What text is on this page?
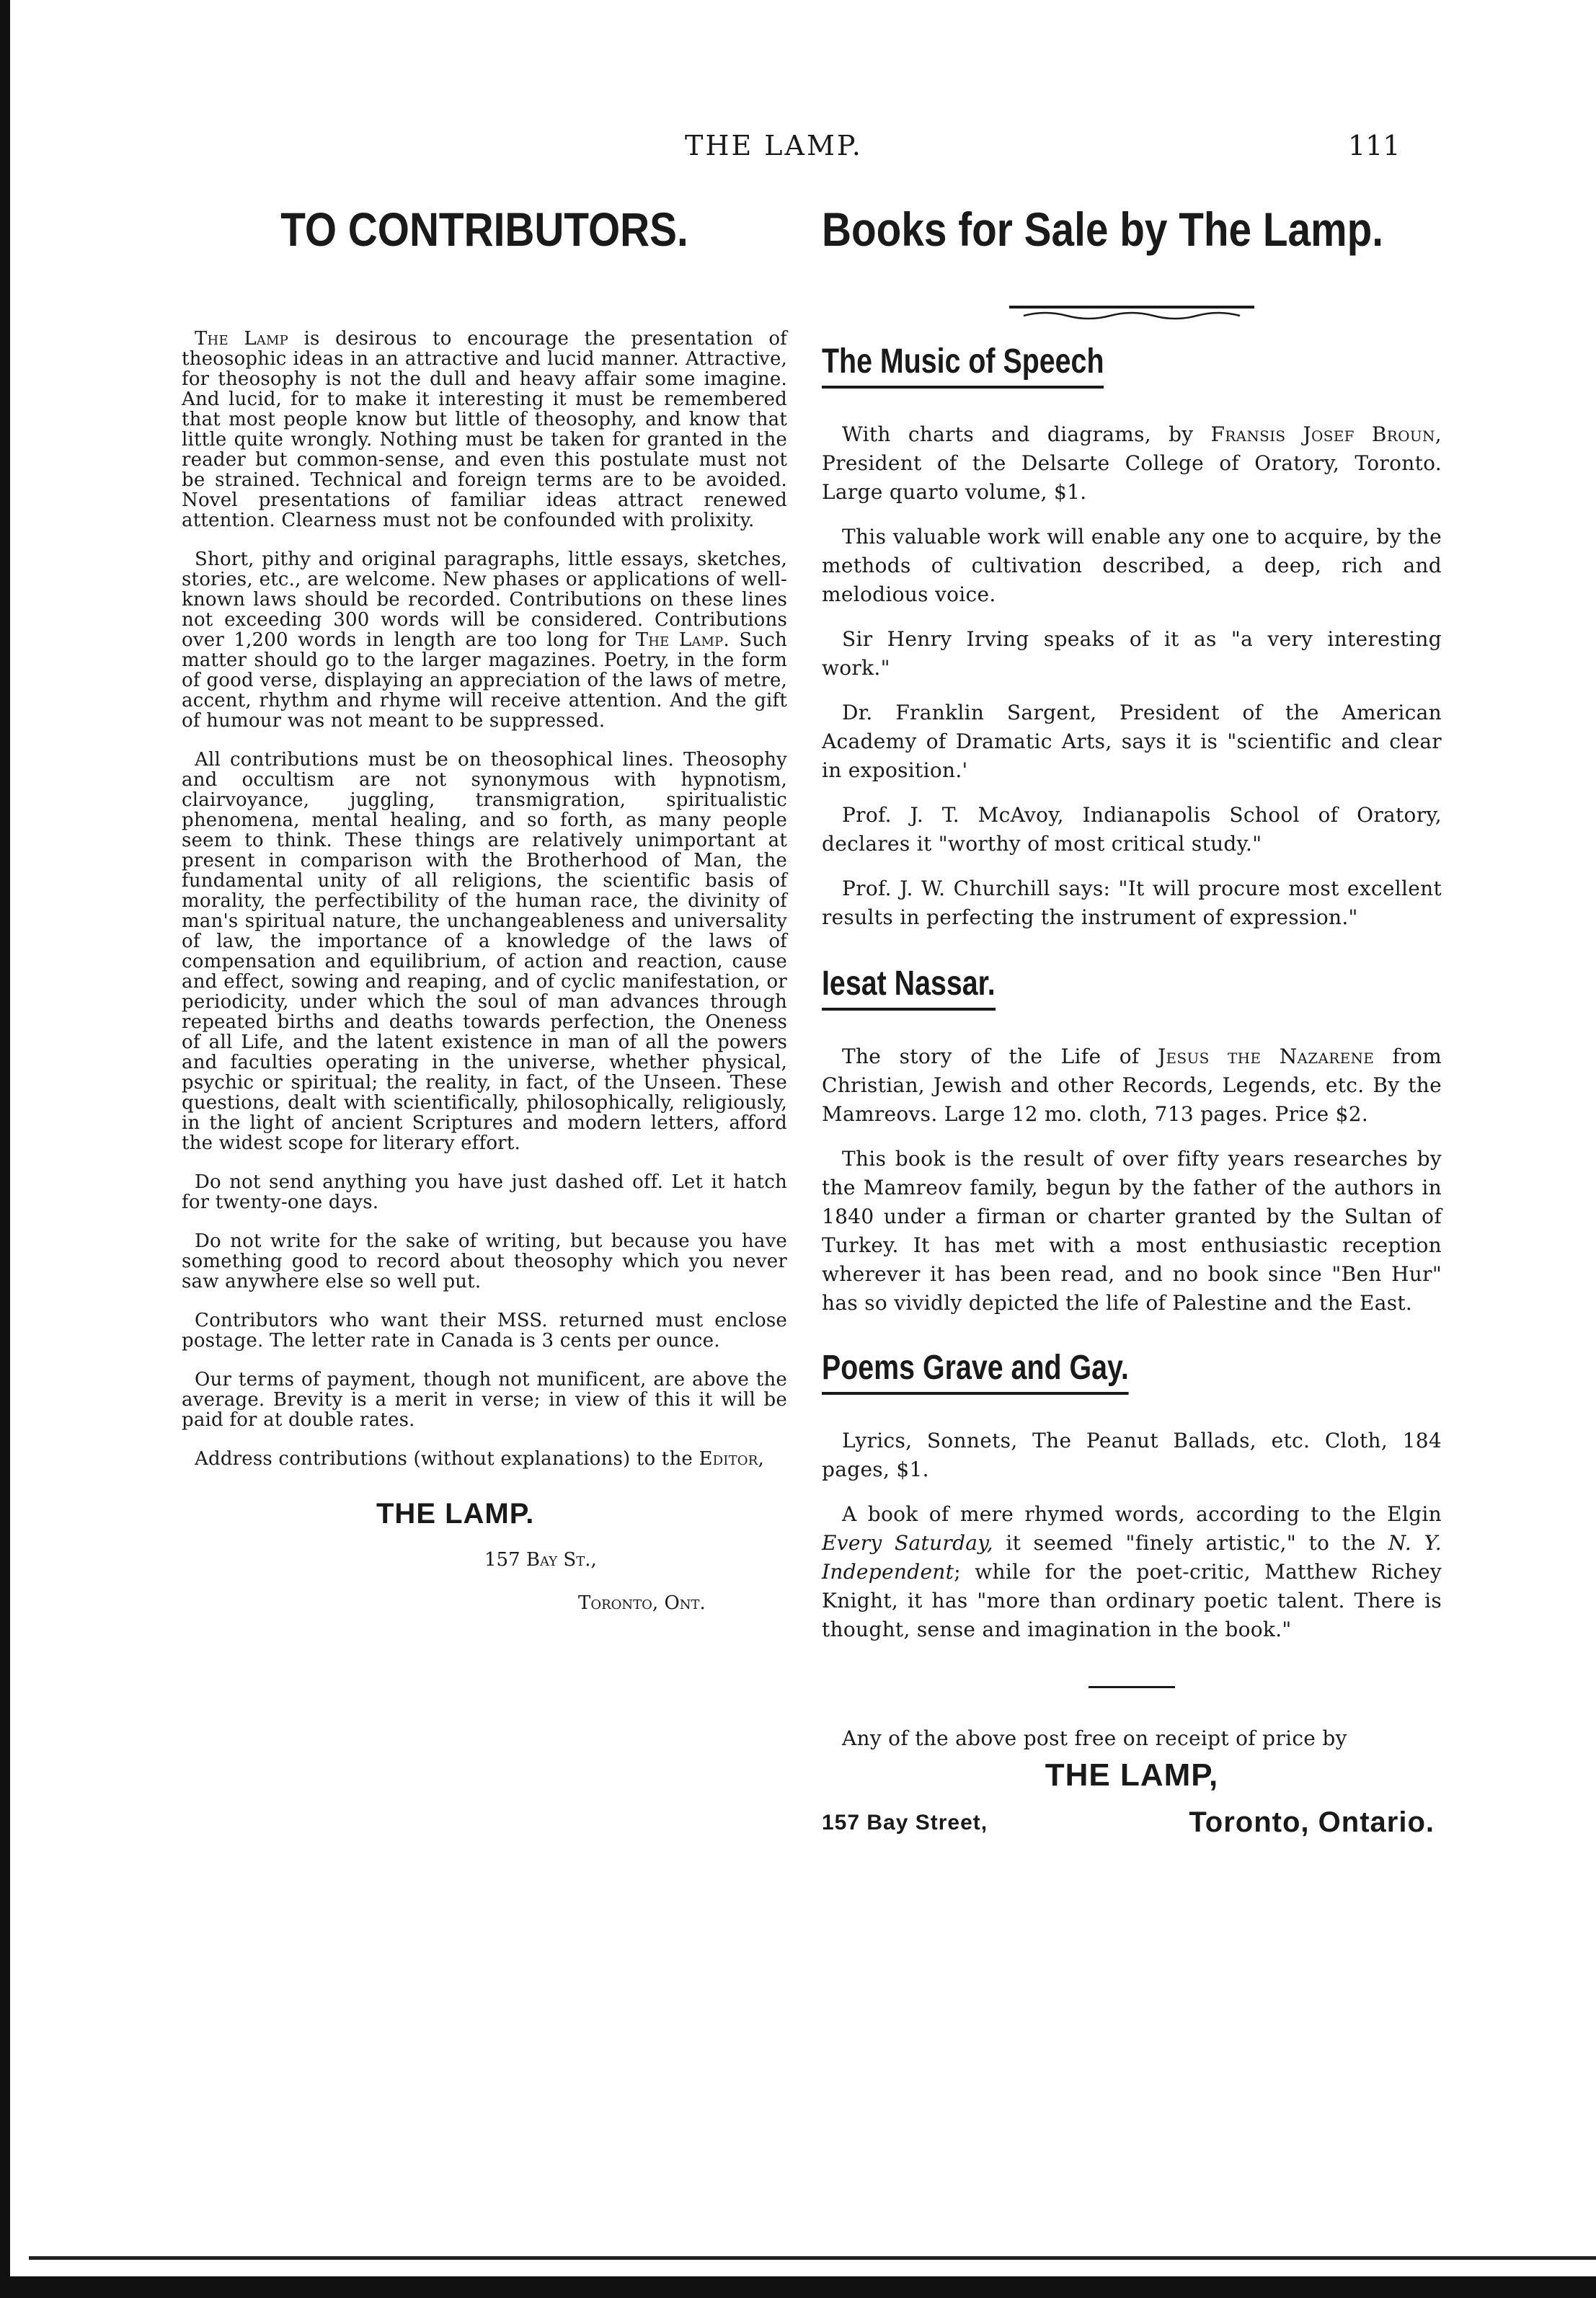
THE LAMP.	111
TO CONTRIBUTORS.

The Lamp is desirous to encourage the presentation of theosophic ideas in an attractive and lucid manner. Attractive, for theosophy is not the dull and heavy affair some imagine. And lucid, for to make it interesting it must be remembered that most people know but little of theosophy, and know that little quite wrongly. Nothing must be taken for granted in the reader but common-sense, and even this postulate must not be strained. Technical and foreign terms are to be avoided. Novel presentations of familiar ideas attract renewed attention. Clearness must not be confounded with prolixity.

Short, pithy and original paragraphs, little essays, sketches, stories, etc., are welcome. New phases or applications of well-known laws should be recorded. Contributions on these lines not exceeding 300 words will be considered. Contributions over 1,200 words in length are too long for The Lamp. Such matter should go to the larger magazines. Poetry, in the form of good verse, displaying an appreciation of the laws of metre, accent, rhythm and rhyme will receive attention. And the gift of humour was not meant to be suppressed.

All contributions must be on theosophical lines. Theosophy and occultism are not synonymous with hypnotism, clairvoyance, juggling, transmigration, spiritualistic phenomena, mental healing, and so forth, as many people seem to think. These things are relatively unimportant at present in comparison with the Brotherhood of Man, the fundamental unity of all religions, the scientific basis of morality, the perfectibility of the human race, the divinity of man's spiritual nature, the unchangeableness and universality of law, the importance of a knowledge of the laws of compensation and equilibrium, of action and reaction, cause and effect, sowing and reaping, and of cyclic manifestation, or periodicity, under which the soul of man advances through repeated births and deaths towards perfection, the Oneness of all Life, and the latent existence in man of all the powers and faculties operating in the universe, whether physical, psychic or spiritual; the reality, in fact, of the Unseen. These questions, dealt with scientifically, philosophically, religiously, in the light of ancient Scriptures and modern letters, afford the widest scope for literary effort.

Do not send anything you have just dashed off. Let it hatch for twenty-one days.

Do not write for the sake of writing, but because you have something good to record about theosophy which you never saw anywhere else so well put.

Contributors who want their MSS. returned must enclose postage. The letter rate in Canada is 3 cents per ounce.

Our terms of payment, though not munificent, are above the average. Brevity is a merit in verse; in view of this it will be paid for at double rates.

Address contributions (without explanations) to the Editor,

THE LAMP.
157 Bay St.,
Toronto, Ont.
Books for Sale by The Lamp.
The Music of Speech

With charts and diagrams, by Fransis Josef Broun, President of the Delsarte College of Oratory, Toronto. Large quarto volume, $1.

This valuable work will enable any one to acquire, by the methods of cultivation described, a deep, rich and melodious voice.

Sir Henry Irving speaks of it as "a very interesting work."

Dr. Franklin Sargent, President of the American Academy of Dramatic Arts, says it is "scientific and clear in exposition.'

Prof. J. T. McAvoy, Indianapolis School of Oratory, declares it "worthy of most critical study."

Prof. J. W. Churchill says: "It will procure most excellent results in perfecting the instrument of expression."

Iesat Nassar.

The story of the Life of Jesus the Nazarene from Christian, Jewish and other Records, Legends, etc. By the Mamreovs. Large 12 mo. cloth, 713 pages. Price $2.

This book is the result of over fifty years researches by the Mamreov family, begun by the father of the authors in 1840 under a firman or charter granted by the Sultan of Turkey. It has met with a most enthusiastic reception wherever it has been read, and no book since "Ben Hur" has so vividly depicted the life of Palestine and the East.

Poems Grave and Gay.

Lyrics, Sonnets, The Peanut Ballads, etc. Cloth, 184 pages, $1.

A book of mere rhymed words, according to the Elgin Every Saturday, it seemed "finely artistic," to the N. Y. Independent; while for the poet-critic, Matthew Richey Knight, it has "more than ordinary poetic talent. There is thought, sense and imagination in the book."

Any of the above post free on receipt of price by
THE LAMP,
157 Bay Street,	Toronto, Ontario.
